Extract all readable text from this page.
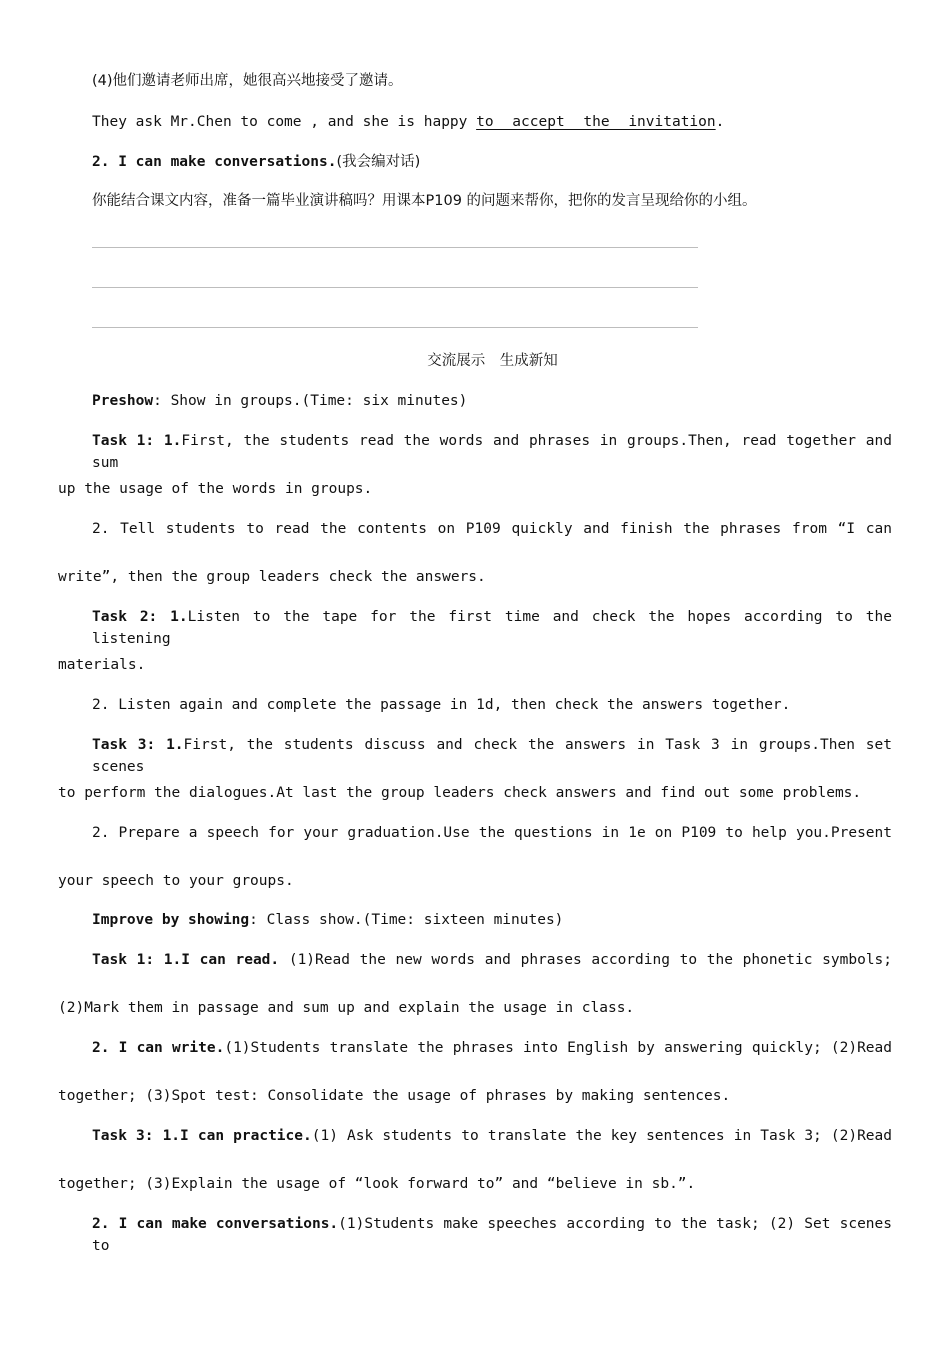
(4)他们邀请老师出席，她很高兴地接受了邀请。
They ask Mr.Chen to come , and she is happy to accept the invitation.
2. I can make conversations.(我会编对话)
你能结合课文内容，准备一篇毕业演讲稿吗？用课本P109 的问题来帮你，把你的发言呈现给你的小组。
交流展示　生成新知
Preshow: Show in groups.(Time: six minutes)
Task 1: 1.First, the students read the words and phrases in groups.Then, read together and sum
up the usage of the words in groups.
2. Tell students to read the contents on P109 quickly and finish the phrases from “I can
write”, then the group leaders check the answers.
Task 2: 1.Listen to the tape for the first time and check the hopes according to the listening
materials.
2. Listen again and complete the passage in 1d, then check the answers together.
Task 3: 1.First, the students discuss and check the answers in Task 3 in groups.Then set scenes
to perform the dialogues.At last the group leaders check answers and find out some problems.
2. Prepare a speech for your graduation.Use the questions in 1e on P109 to help you.Present
your speech to your groups.
Improve by showing: Class show.(Time: sixteen minutes)
Task 1: 1.I can read. (1)Read the new words and phrases according to the phonetic symbols;
(2)Mark them in passage and sum up and explain the usage in class.
2. I can write.(1)Students translate the phrases into English by answering quickly; (2)Read
together; (3)Spot test: Consolidate the usage of phrases by making sentences.
Task 3: 1.I can practice.(1) Ask students to translate the key sentences in Task 3; (2)Read
together; (3)Explain the usage of “look forward to” and “believe in sb.”.
2. I can make conversations.(1)Students make speeches according to the task; (2) Set scenes to
